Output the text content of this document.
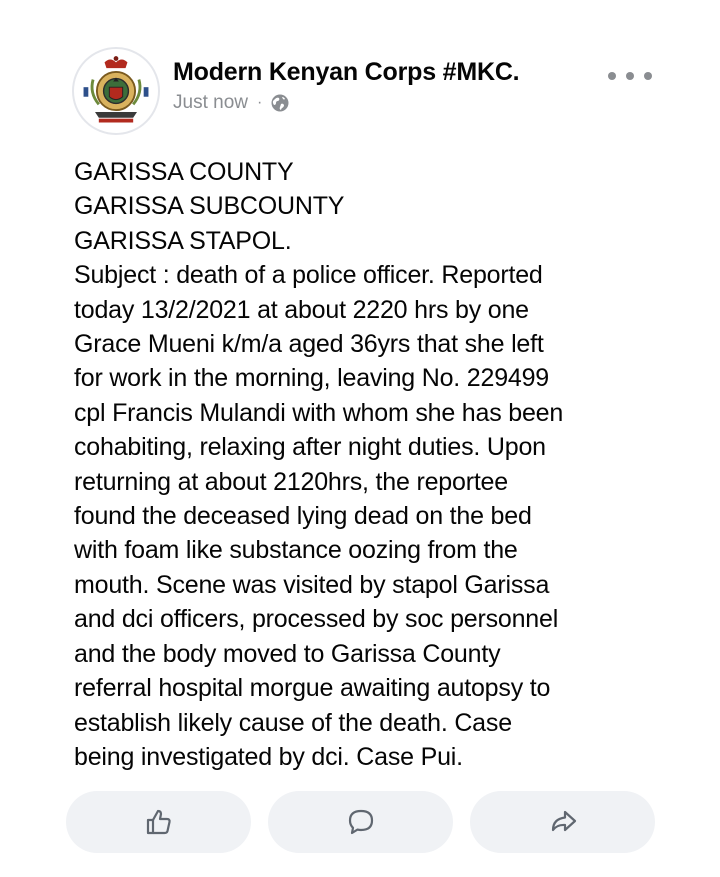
Modern Kenyan Corps #MKC.
Just now ·
GARISSA COUNTY
GARISSA SUBCOUNTY
GARISSA STAPOL.
Subject : death of a police officer. Reported
today 13/2/2021 at about 2220 hrs by one
Grace Mueni k/m/a aged 36yrs that she left
for work in the morning, leaving No. 229499
cpl Francis Mulandi with whom she has been
cohabiting, relaxing after night duties. Upon
returning at about 2120hrs, the reportee
found the deceased lying dead on the bed
with foam like substance oozing from the
mouth. Scene was visited by stapol Garissa
and dci officers, processed by soc personnel
and the body moved to Garissa County
referral hospital morgue awaiting autopsy to
establish likely cause of the death. Case
being investigated by dci. Case Pui.
